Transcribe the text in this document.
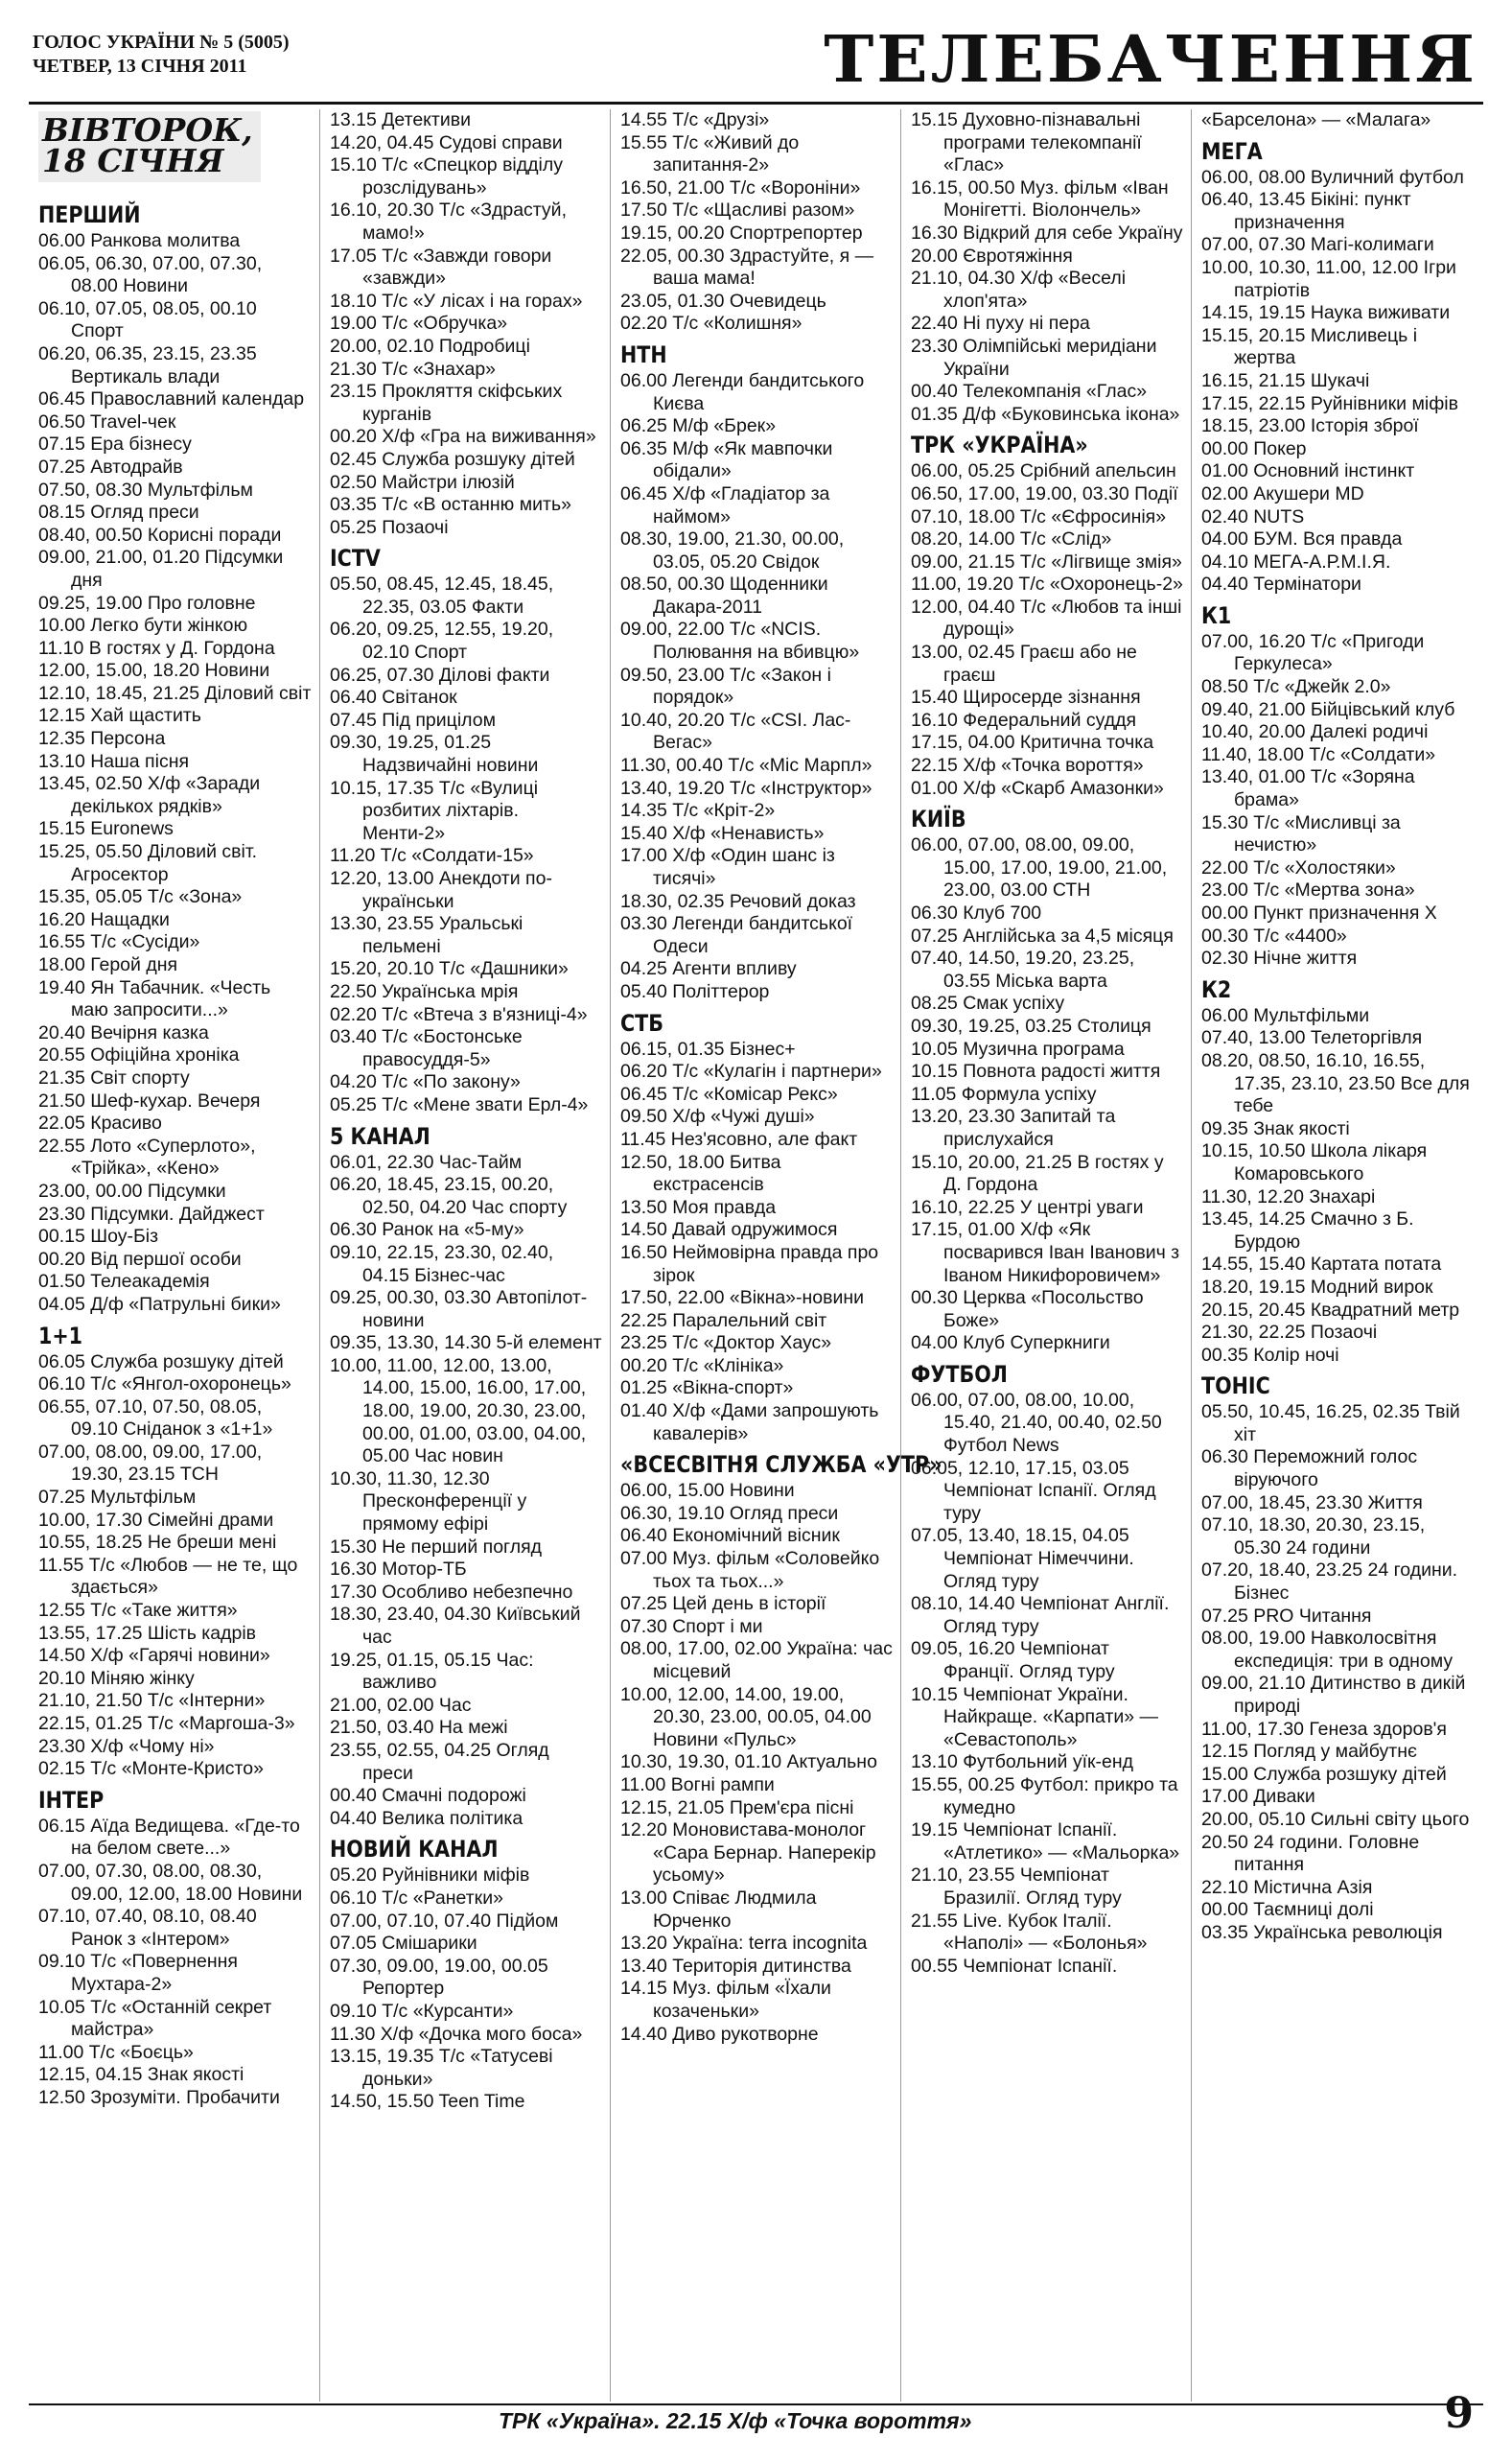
ГОЛОС УКРАЇНИ № 5 (5005)
ЧЕТВЕР, 13 СІЧНЯ 2011	ТЕЛЕБАЧЕННЯ
ВІВТОРОК,
18 СІЧНЯ
ПЕРШИЙ
06.00 Ранкова молитва
06.05, 06.30, 07.00, 07.30, 08.00 Новини
06.10, 07.05, 08.05, 00.10 Спорт
06.20, 06.35, 23.15, 23.35 Вертикаль влади
06.45 Православний календар
06.50 Travel-чек
07.15 Ера бізнесу
07.25 Автодрайв
07.50, 08.30 Мультфільм
08.15 Огляд преси
08.40, 00.50 Корисні поради
09.00, 21.00, 01.20 Підсумки дня
09.25, 19.00 Про головне
10.00 Легко бути жінкою
11.10 В гостях у Д. Гордона
12.00, 15.00, 18.20 Новини
12.10, 18.45, 21.25 Діловий світ
12.15 Хай щастить
12.35 Персона
13.10 Наша пісня
13.45, 02.50 Х/ф «Заради декількох рядків»
15.15 Euronews
15.25, 05.50 Діловий світ. Агросектор
15.35, 05.05 Т/с «Зона»
16.20 Нащадки
16.55 Т/с «Сусіди»
18.00 Герой дня
19.40 Ян Табачник. «Честь маю запросити...»
20.40 Вечірня казка
20.55 Офіційна хроніка
21.35 Світ спорту
21.50 Шеф-кухар. Вечеря
22.05 Красиво
22.55 Лото «Суперлото», «Трійка», «Кено»
23.00, 00.00 Підсумки
23.30 Підсумки. Дайджест
00.15 Шоу-Біз
00.20 Від першої особи
01.50 Телеакадемія
04.05 Д/ф «Патрульні бики»
1+1
06.05 Служба розшуку дітей
06.10 Т/с «Янгол-охоронець»
06.55, 07.10, 07.50, 08.05, 09.10 Сніданок з «1+1»
07.00, 08.00, 09.00, 17.00, 19.30, 23.15 ТСН
07.25 Мультфільм
10.00, 17.30 Сімейні драми
10.55, 18.25 Не бреши мені
11.55 Т/с «Любов — не те, що здається»
12.55 Т/с «Таке життя»
13.55, 17.25 Шість кадрів
14.50 Х/ф «Гарячі новини»
20.10 Міняю жінку
21.10, 21.50 Т/с «Інтерни»
22.15, 01.25 Т/с «Маргоша-3»
23.30 Х/ф «Чому ні»
02.15 Т/с «Монте-Кристо»
ІНТЕР
06.15 Аїда Ведищева. «Где-то на белом свете...»
07.00, 07.30, 08.00, 08.30, 09.00, 12.00, 18.00 Новини
07.10, 07.40, 08.10, 08.40 Ранок з «Інтером»
09.10 Т/с «Повернення Мухтара-2»
10.05 Т/с «Останній секрет майстра»
11.00 Т/с «Боєць»
12.15, 04.15 Знак якості
12.50 Зрозуміти. Пробачити
13.15 Детективи
14.20, 04.45 Судові справи
15.10 Т/с «Спецкор відділу розслідувань»
16.10, 20.30 Т/с «Здрастуй, мамо!»
17.05 Т/с «Завжди говори «завжди»
18.10 Т/с «У лісах і на горах»
19.00 Т/с «Обручка»
20.00, 02.10 Подробиці
21.30 Т/с «Знахар»
23.15 Прокляття скіфських курганів
00.20 Х/ф «Гра на виживання»
02.45 Служба розшуку дітей
02.50 Майстри ілюзій
03.35 Т/с «В останню мить»
05.25 Позаочі
ICTV
05.50, 08.45, 12.45, 18.45, 22.35, 03.05 Факти
06.20, 09.25, 12.55, 19.20, 02.10 Спорт
06.25, 07.30 Ділові факти
06.40 Світанок
07.45 Під прицілом
09.30, 19.25, 01.25 Надзвичайні новини
10.15, 17.35 Т/с «Вулиці розбитих ліхтарів. Менти-2»
11.20 Т/с «Солдати-15»
12.20, 13.00 Анекдоти по-українськи
13.30, 23.55 Уральські пельмені
15.20, 20.10 Т/с «Дашники»
22.50 Українська мрія
02.20 Т/с «Втеча з в'язниці-4»
03.40 Т/с «Бостонське правосуддя-5»
04.20 Т/с «По закону»
05.25 Т/с «Мене звати Ерл-4»
5 КАНАЛ
06.01, 22.30 Час-Тайм
06.20, 18.45, 23.15, 00.20, 02.50, 04.20 Час спорту
06.30 Ранок на «5-му»
09.10, 22.15, 23.30, 02.40, 04.15 Бізнес-час
09.25, 00.30, 03.30 Автопілот-новини
09.35, 13.30, 14.30 5-й елемент
10.00, 11.00, 12.00, 13.00, 14.00, 15.00, 16.00, 17.00, 18.00, 19.00, 20.30, 23.00, 00.00, 01.00, 03.00, 04.00, 05.00 Час новин
10.30, 11.30, 12.30 Пресконференції у прямому ефірі
15.30 Не перший погляд
16.30 Мотор-ТБ
17.30 Особливо небезпечно
18.30, 23.40, 04.30 Київський час
19.25, 01.15, 05.15 Час: важливо
21.00, 02.00 Час
21.50, 03.40 На межі
23.55, 02.55, 04.25 Огляд преси
00.40 Смачні подорожі
04.40 Велика політика
НОВИЙ КАНАЛ
05.20 Руйнівники міфів
06.10 Т/с «Ранетки»
07.00, 07.10, 07.40 Підйом
07.05 Смішарики
07.30, 09.00, 19.00, 00.05 Репортер
09.10 Т/с «Курсанти»
11.30 Х/ф «Дочка мого боса»
13.15, 19.35 Т/с «Татусеві доньки»
14.50, 15.50 Teen Time
14.55 Т/с «Друзі»
15.55 Т/с «Живий до запитання-2»
16.50, 21.00 Т/с «Вороніни»
17.50 Т/с «Щасливі разом»
19.15, 00.20 Спортрепортер
22.05, 00.30 Здрастуйте, я — ваша мама!
23.05, 01.30 Очевидець
02.20 Т/с «Колишня»
НТН
06.00 Легенди бандитського Києва
06.25 М/ф «Брек»
06.35 М/ф «Як мавпочки обідали»
06.45 Х/ф «Гладіатор за наймом»
08.30, 19.00, 21.30, 00.00, 03.05, 05.20 Свідок
08.50, 00.30 Щоденники Дакара-2011
09.00, 22.00 Т/с «NCIS. Полювання на вбивцю»
09.50, 23.00 Т/с «Закон і порядок»
10.40, 20.20 Т/с «CSI. Лас-Вегас»
11.30, 00.40 Т/с «Міс Марпл»
13.40, 19.20 Т/с «Інструктор»
14.35 Т/с «Кріт-2»
15.40 Х/ф «Ненависть»
17.00 Х/ф «Один шанс із тисячі»
18.30, 02.35 Речовий доказ
03.30 Легенди бандитської Одеси
04.25 Агенти впливу
05.40 Політтерор
СТБ
06.15, 01.35 Бізнес+
06.20 Т/с «Кулагін і партнери»
06.45 Т/с «Комісар Рекс»
09.50 Х/ф «Чужі душі»
11.45 Нез'ясовно, але факт
12.50, 18.00 Битва екстрасенсів
13.50 Моя правда
14.50 Давай одружимося
16.50 Неймовірна правда про зірок
17.50, 22.00 «Вікна»-новини
22.25 Паралельний світ
23.25 Т/с «Доктор Хаус»
00.20 Т/с «Клініка»
01.25 «Вікна-спорт»
01.40 Х/ф «Дами запрошують кавалерів»
«ВСЕСВІТНЯ СЛУЖБА «УТР»
06.00, 15.00 Новини
06.30, 19.10 Огляд преси
06.40 Економічний вісник
07.00 Муз. фільм «Соловейко тьох та тьох...»
07.25 Цей день в історії
07.30 Спорт і ми
08.00, 17.00, 02.00 Україна: час місцевий
10.00, 12.00, 14.00, 19.00, 20.30, 23.00, 00.05, 04.00 Новини «Пульс»
10.30, 19.30, 01.10 Актуально
11.00 Вогні рампи
12.15, 21.05 Прем'єра пісні
12.20 Моновистава-монолог «Сара Бернар. Наперекір усьому»
13.00 Співає Людмила Юрченко
13.20 Україна: terra incognita
13.40 Територія дитинства
14.15 Муз. фільм «Їхали козаченьки»
14.40 Диво рукотворне
15.15 Духовно-пізнавальні програми телекомпанії «Глас»
16.15, 00.50 Муз. фільм «Іван Монігетті. Віолончель»
16.30 Відкрий для себе Україну
20.00 Євротяжіння
21.10, 04.30 Х/ф «Веселі хлоп'ята»
22.40 Ні пуху ні пера
23.30 Олімпійські меридіани України
00.40 Телекомпанія «Глас»
01.35 Д/ф «Буковинська ікона»
ТРК «УКРАЇНА»
06.00, 05.25 Срібний апельсин
06.50, 17.00, 19.00, 03.30 Події
07.10, 18.00 Т/с «Єфросинія»
08.20, 14.00 Т/с «Слід»
09.00, 21.15 Т/с «Лігвище змія»
11.00, 19.20 Т/с «Охоронець-2»
12.00, 04.40 Т/с «Любов та інші дурощі»
13.00, 02.45 Граєш або не граєш
15.40 Щиросерде зізнання
16.10 Федеральний суддя
17.15, 04.00 Критична точка
22.15 Х/ф «Точка вороття»
01.00 Х/ф «Скарб Амазонки»
КИЇВ
06.00, 07.00, 08.00, 09.00, 15.00, 17.00, 19.00, 21.00, 23.00, 03.00 СТН
06.30 Клуб 700
07.25 Англійська за 4,5 місяця
07.40, 14.50, 19.20, 23.25, 03.55 Міська варта
08.25 Смак успіху
09.30, 19.25, 03.25 Столиця
10.05 Музична програма
10.15 Повнота радості життя
11.05 Формула успіху
13.20, 23.30 Запитай та прислухайся
15.10, 20.00, 21.25 В гостях у Д. Гордона
16.10, 22.25 У центрі уваги
17.15, 01.00 Х/ф «Як посварився Іван Іванович з Іваном Никифоровичем»
00.30 Церква «Посольство Боже»
04.00 Клуб Суперкниги
ФУТБОЛ
06.00, 07.00, 08.00, 10.00, 15.40, 21.40, 00.40, 02.50 Футбол News
06.05, 12.10, 17.15, 03.05 Чемпіонат Іспанії. Огляд туру
07.05, 13.40, 18.15, 04.05 Чемпіонат Німеччини. Огляд туру
08.10, 14.40 Чемпіонат Англії. Огляд туру
09.05, 16.20 Чемпіонат Франції. Огляд туру
10.15 Чемпіонат України. Найкраще. «Карпати» — «Севастополь»
13.10 Футбольний уїк-енд
15.55, 00.25 Футбол: прикро та кумедно
19.15 Чемпіонат Іспанії. «Атлетико» — «Мальорка»
21.10, 23.55 Чемпіонат Бразилії. Огляд туру
21.55 Live. Кубок Італії. «Наполі» — «Болонья»
00.55 Чемпіонат Іспанії.
«Барселона» — «Малага»
МЕГА
06.00, 08.00 Вуличний футбол
06.40, 13.45 Бікіні: пункт призначення
07.00, 07.30 Магі-колимаги
10.00, 10.30, 11.00, 12.00 Ігри патріотів
14.15, 19.15 Наука виживати
15.15, 20.15 Мисливець і жертва
16.15, 21.15 Шукачі
17.15, 22.15 Руйнівники міфів
18.15, 23.00 Історія зброї
00.00 Покер
01.00 Основний інстинкт
02.00 Акушери MD
02.40 NUTS
04.00 БУМ. Вся правда
04.10 МЕГА-А.Р.М.І.Я.
04.40 Термінатори
К1
07.00, 16.20 Т/с «Пригоди Геркулеса»
08.50 Т/с «Джейк 2.0»
09.40, 21.00 Бійцівський клуб
10.40, 20.00 Далекі родичі
11.40, 18.00 Т/с «Солдати»
13.40, 01.00 Т/с «Зоряна брама»
15.30 Т/с «Мисливці за нечистю»
22.00 Т/с «Холостяки»
23.00 Т/с «Мертва зона»
00.00 Пункт призначення Х
00.30 Т/с «4400»
02.30 Нічне життя
К2
06.00 Мультфільми
07.40, 13.00 Телеторгівля
08.20, 08.50, 16.10, 16.55, 17.35, 23.10, 23.50 Все для тебе
09.35 Знак якості
10.15, 10.50 Школа лікаря Комаровського
11.30, 12.20 Знахарі
13.45, 14.25 Смачно з Б. Бурдою
14.55, 15.40 Картата потата
18.20, 19.15 Модний вирок
20.15, 20.45 Квадратний метр
21.30, 22.25 Позаочі
00.35 Колір ночі
ТОНІС
05.50, 10.45, 16.25, 02.35 Твій хіт
06.30 Переможний голос віруючого
07.00, 18.45, 23.30 Життя
07.10, 18.30, 20.30, 23.15, 05.30 24 години
07.20, 18.40, 23.25 24 години. Бізнес
07.25 PRO Читання
08.00, 19.00 Навколосвітня експедиція: три в одному
09.00, 21.10 Дитинство в дикій природі
11.00, 17.30 Генеза здоров'я
12.15 Погляд у майбутнє
15.00 Служба розшуку дітей
17.00 Диваки
20.00, 05.10 Сильні світу цього
20.50 24 години. Головне питання
22.10 Містична Азія
00.00 Таємниці долі
03.35 Українська революція
ТРК «Україна». 22.15 Х/ф «Точка вороття»	9
